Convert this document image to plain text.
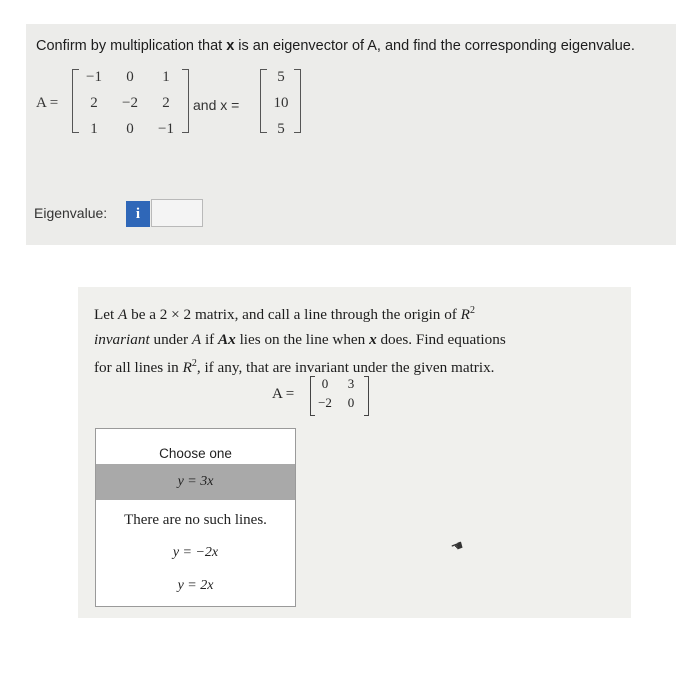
Confirm by multiplication that x is an eigenvector of A, and find the corresponding eigenvalue.
A =
−1	0	1
2	−2	2
1	0	−1
and x =
5
10
5
Eigenvalue:	i
Let A be a 2 × 2 matrix, and call a line through the origin of $R^2$
invariant under A if Ax lies on the line when x does. Find equations
for all lines in $R^2$, if any, that are invariant under the given matrix.
A =
0	3
−2	0
Choose one
y = 3x
There are no such lines.
y = −2x
y = 2x
☚
